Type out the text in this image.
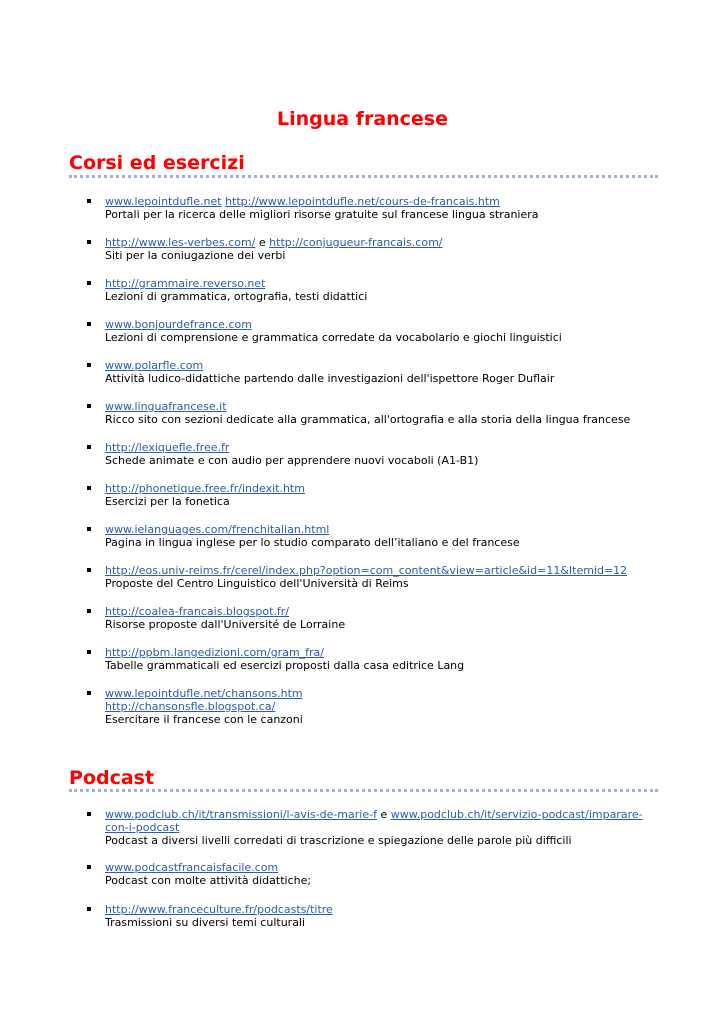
Lingua francese
Corsi ed esercizi
www.lepointdufle.net http://www.lepointdufle.net/cours-de-francais.htm
Portali per la ricerca delle migliori risorse gratuite sul francese lingua straniera
http://www.les-verbes.com/ e http://conjugueur-francais.com/
Siti per la coniugazione dei verbi
http://grammaire.reverso.net
Lezioni di grammatica, ortografia, testi didattici
www.bonjourdefrance.com
Lezioni di comprensione e grammatica corredate da vocabolario e giochi linguistici
www.polarfle.com
Attività ludico-didattiche partendo dalle investigazioni dell'ispettore Roger Duflair
www.linguafrancese.it
Ricco sito con sezioni dedicate alla grammatica, all'ortografia e alla storia della lingua francese
http://lexiquefle.free.fr
Schede animate e con audio per apprendere nuovi vocaboli (A1-B1)
http://phonetique.free.fr/indexit.htm
Esercizi per la fonetica
www.ielanguages.com/frenchitalian.html
Pagina in lingua inglese per lo studio comparato dell’italiano e del francese
http://eos.univ-reims.fr/cerel/index.php?option=com_content&view=article&id=11&Itemid=12
Proposte del Centro Linguistico dell'Università di Reims
http://coalea-francais.blogspot.fr/
Risorse proposte dall'Université de Lorraine
http://ppbm.langedizioni.com/gram_fra/
Tabelle grammaticali ed esercizi proposti dalla casa editrice Lang
www.lepointdufle.net/chansons.htm
http://chansonsfle.blogspot.ca/
Esercitare il francese con le canzoni
Podcast
www.podclub.ch/it/transmissioni/l-avis-de-marie-f e www.podclub.ch/it/servizio-podcast/imparare-con-i-podcast
Podcast a diversi livelli corredati di trascrizione e spiegazione delle parole più difficili
www.podcastfrancaisfacile.com
Podcast con molte attività didattiche;
http://www.franceculture.fr/podcasts/titre
Trasmissioni su diversi temi culturali
